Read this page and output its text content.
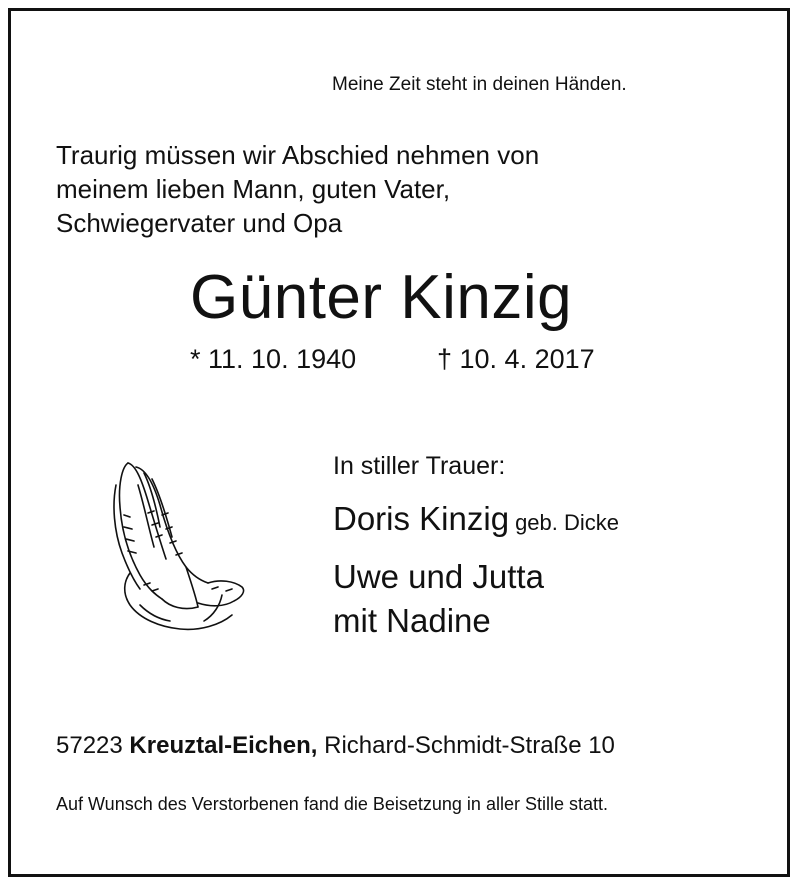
Meine Zeit steht in deinen Händen.
Traurig müssen wir Abschied nehmen von
meinem lieben Mann, guten Vater,
Schwiegervater und Opa
Günter Kinzig
* 11. 10. 1940	† 10. 4. 2017
In stiller Trauer:
Doris Kinzig geb. Dicke
Uwe und Jutta
mit Nadine
57223 Kreuztal-Eichen, Richard-Schmidt-Straße 10
Auf Wunsch des Verstorbenen fand die Beisetzung in aller Stille statt.
